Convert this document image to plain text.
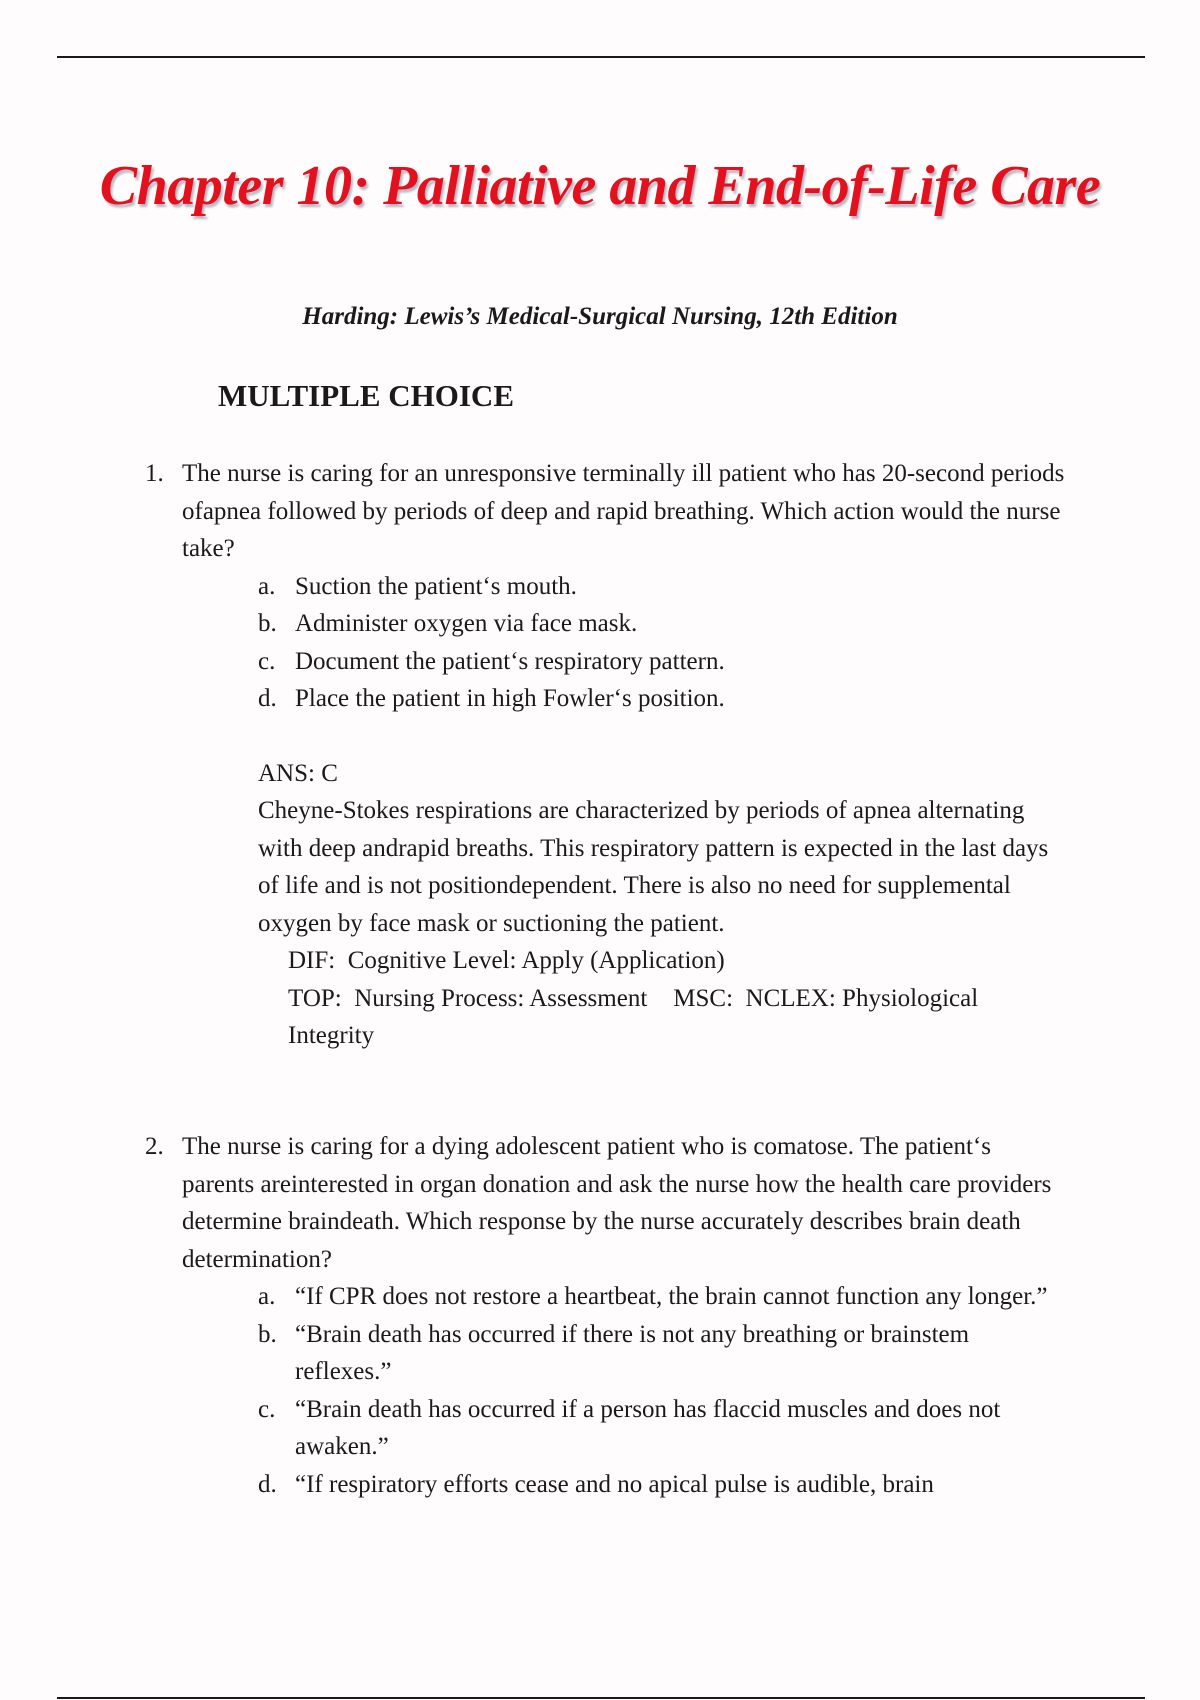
Chapter 10: Palliative and End-of-Life Care
Harding: Lewis’s Medical-Surgical Nursing, 12th Edition
MULTIPLE CHOICE
1. The nurse is caring for an unresponsive terminally ill patient who has 20-second periods ofapnea followed by periods of deep and rapid breathing. Which action would the nurse take?
a. Suction the patient‘s mouth.
b. Administer oxygen via face mask.
c. Document the patient‘s respiratory pattern.
d. Place the patient in high Fowler‘s position.
ANS: C
Cheyne-Stokes respirations are characterized by periods of apnea alternating with deep andrapid breaths. This respiratory pattern is expected in the last days of life and is not positiondependent. There is also no need for supplemental oxygen by face mask or suctioning the patient.
DIF:  Cognitive Level: Apply (Application)
TOP:  Nursing Process: Assessment MSC:  NCLEX: Physiological Integrity
2. The nurse is caring for a dying adolescent patient who is comatose. The patient‘s parents areinterested in organ donation and ask the nurse how the health care providers determine braindeath. Which response by the nurse accurately describes brain death determination?
a. “If CPR does not restore a heartbeat, the brain cannot function any longer.”
b. “Brain death has occurred if there is not any breathing or brainstem reflexes.”
c. “Brain death has occurred if a person has flaccid muscles and does not awaken.”
d. “If respiratory efforts cease and no apical pulse is audible, brain
